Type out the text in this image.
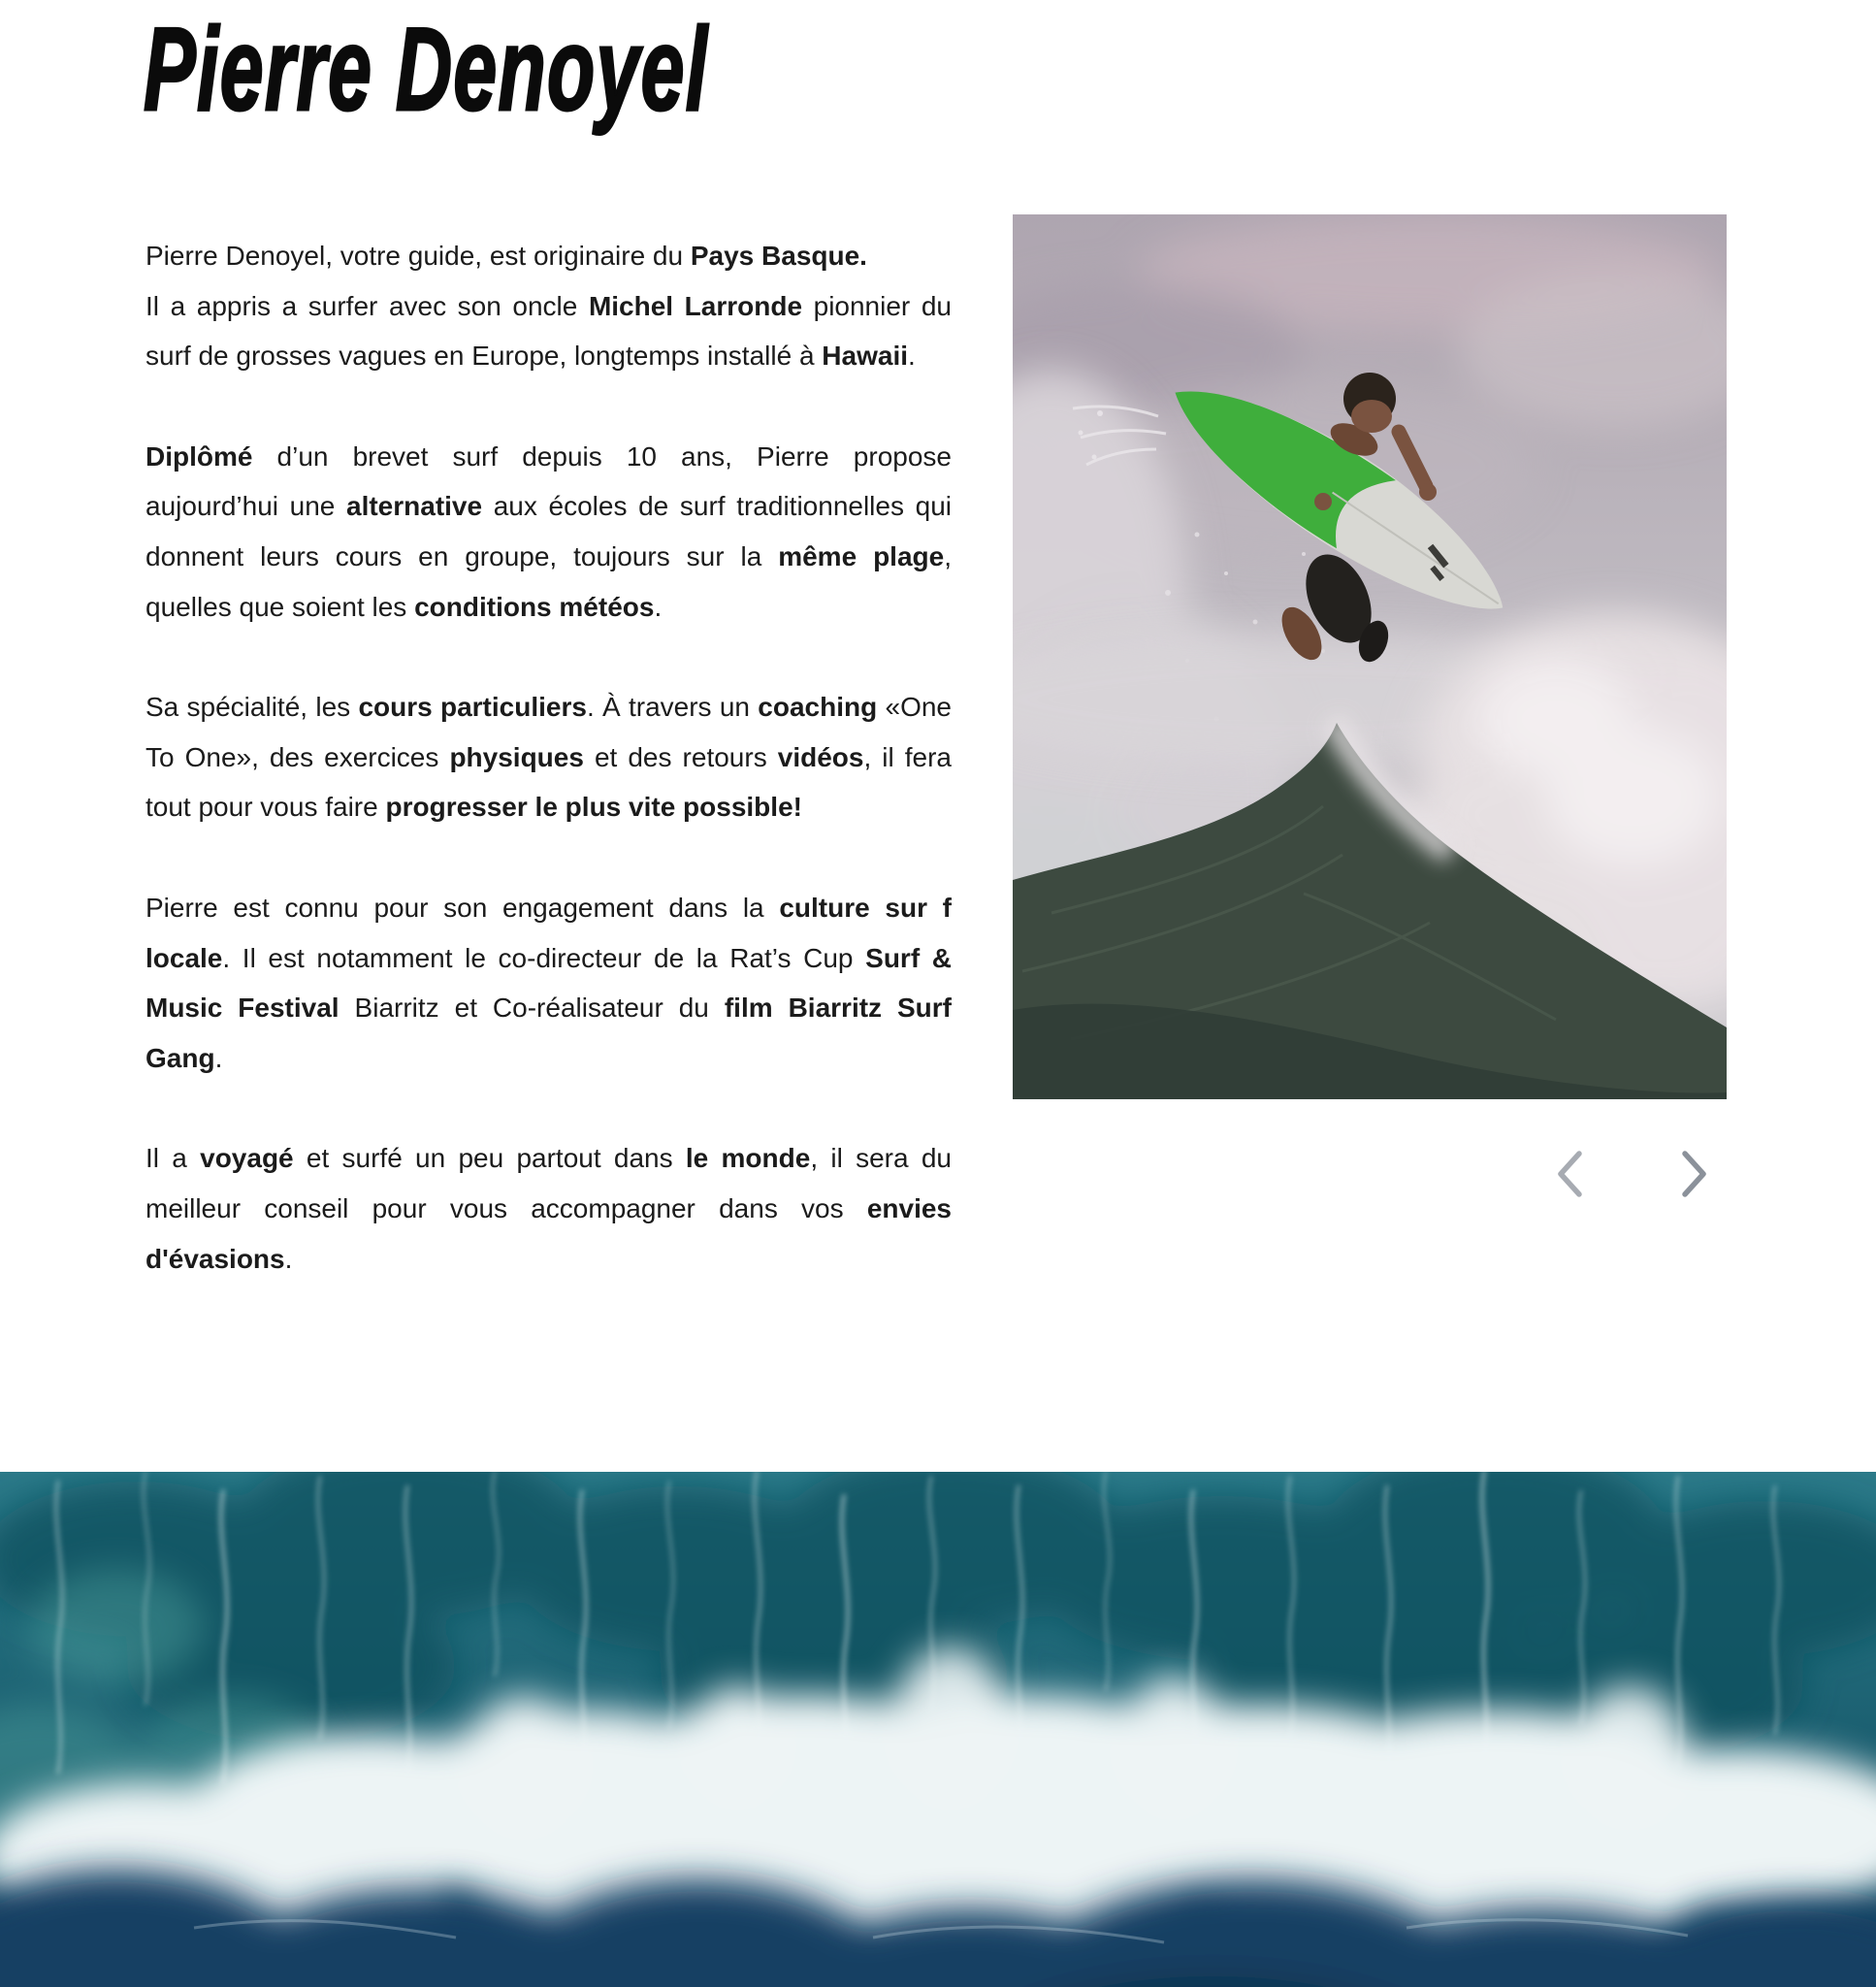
Pierre Denoyel

Pierre Denoyel, votre guide, est originaire du Pays Basque.
Il a appris a surfer avec son oncle Michel Larronde pionnier du surf de grosses vagues en Europe, longtemps installé à Hawaii.

Diplômé d’un brevet surf depuis 10 ans, Pierre propose aujourd’hui une alternative aux écoles de surf traditionnelles qui donnent leurs cours en groupe, toujours sur la même plage, quelles que soient les conditions météos.

Sa spécialité, les cours particuliers. À travers un coaching «One To One», des exercices physiques et des retours vidéos, il fera tout pour vous faire progresser le plus vite possible!

Pierre est connu pour son engagement dans la culture sur f locale. Il est notamment le co-directeur de la Rat’s Cup Surf & Music Festival Biarritz et Co-réalisateur du film Biarritz Surf Gang.

Il a voyagé et surfé un peu partout dans le monde, il sera du meilleur conseil pour vous accompagner dans vos envies d'évasions.
